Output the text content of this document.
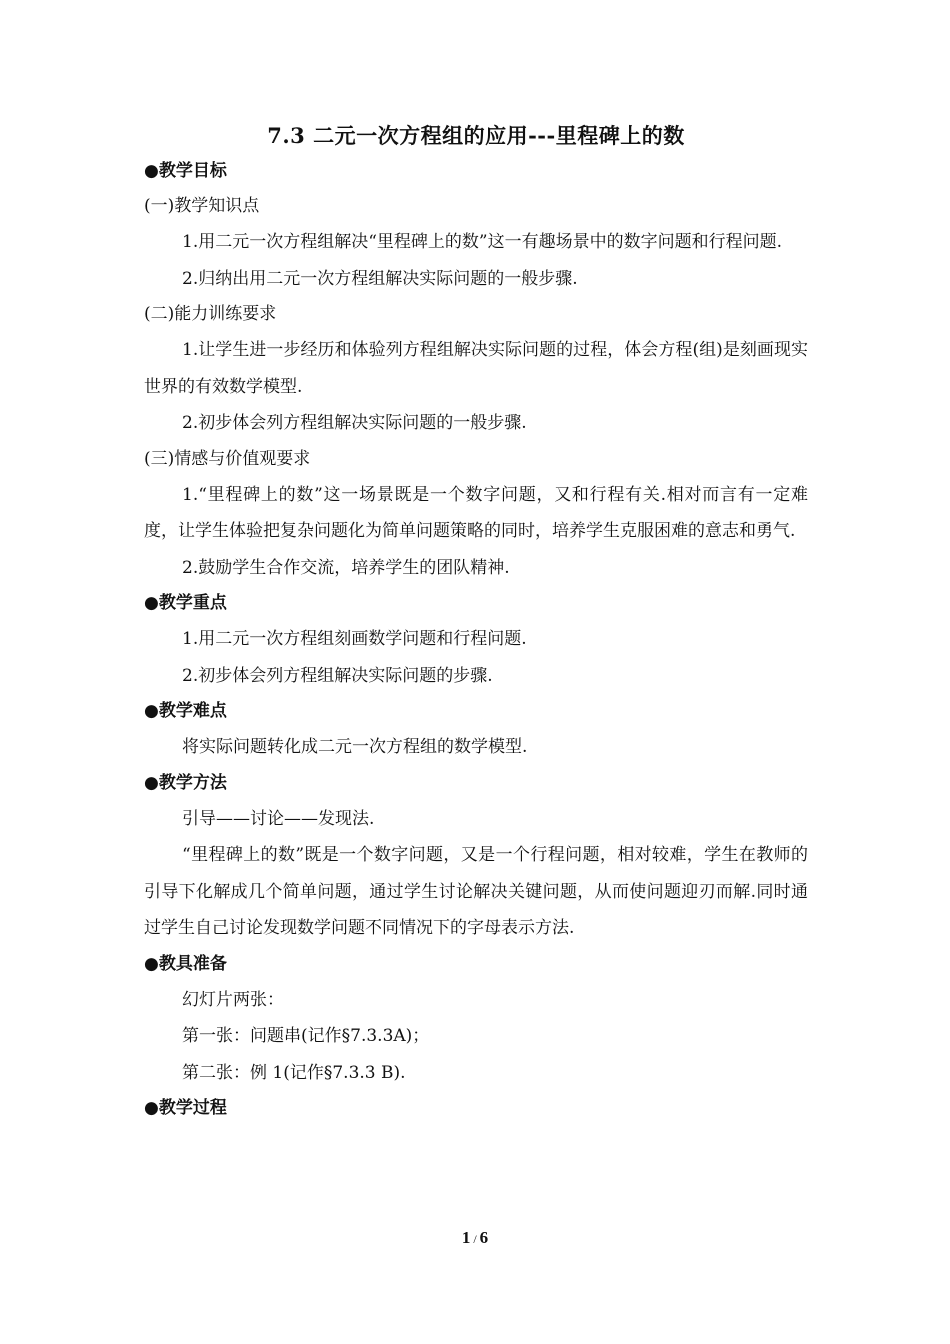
7.3 二元一次方程组的应用---里程碑上的数
●教学目标
(一)教学知识点

1.用二元一次方程组解决“里程碑上的数”这一有趣场景中的数字问题和行程问题.

2.归纳出用二元一次方程组解决实际问题的一般步骤.

(二)能力训练要求

1.让学生进一步经历和体验列方程组解决实际问题的过程，体会方程(组)是刻画现实世界的有效数学模型.

2.初步体会列方程组解决实际问题的一般步骤.

(三)情感与价值观要求

1.“里程碑上的数”这一场景既是一个数字问题，又和行程有关.相对而言有一定难度，让学生体验把复杂问题化为简单问题策略的同时，培养学生克服困难的意志和勇气.

2.鼓励学生合作交流，培养学生的团队精神.

●教学重点

1.用二元一次方程组刻画数学问题和行程问题.

2.初步体会列方程组解决实际问题的步骤.

●教学难点

将实际问题转化成二元一次方程组的数学模型.

●教学方法

引导——讨论——发现法.

“里程碑上的数”既是一个数字问题，又是一个行程问题，相对较难，学生在教师的引导下化解成几个简单问题，通过学生讨论解决关键问题，从而使问题迎刃而解.同时通过学生自己讨论发现数学问题不同情况下的字母表示方法.

●教具准备

幻灯片两张：

第一张：问题串(记作§7.3.3A)；

第二张：例 1(记作§7.3.3 B).

●教学过程
1 / 6
